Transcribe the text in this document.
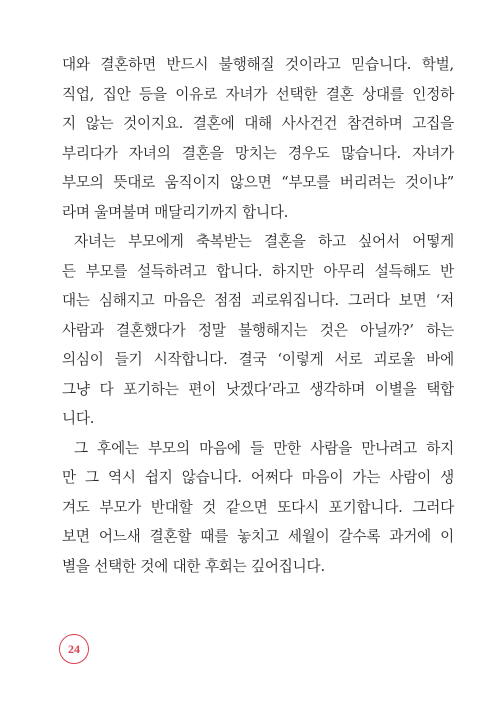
대와 결혼하면 반드시 불행해질 것이라고 믿습니다. 학벌,
직업, 집안 등을 이유로 자녀가 선택한 결혼 상대를 인정하
지 않는 것이지요. 결혼에 대해 사사건건 참견하며 고집을
부리다가 자녀의 결혼을 망치는 경우도 많습니다. 자녀가
부모의 뜻대로 움직이지 않으면 “부모를 버리려는 것이냐”
라며 울며불며 매달리기까지 합니다.
자녀는 부모에게 축복받는 결혼을 하고 싶어서 어떻게
든 부모를 설득하려고 합니다. 하지만 아무리 설득해도 반
대는 심해지고 마음은 점점 괴로워집니다. 그러다 보면 ‘저
사람과 결혼했다가 정말 불행해지는 것은 아닐까?’ 하는
의심이 들기 시작합니다. 결국 ‘이렇게 서로 괴로울 바에
그냥 다 포기하는 편이 낫겠다’라고 생각하며 이별을 택합
니다.
그 후에는 부모의 마음에 들 만한 사람을 만나려고 하지
만 그 역시 쉽지 않습니다. 어쩌다 마음이 가는 사람이 생
겨도 부모가 반대할 것 같으면 또다시 포기합니다. 그러다
보면 어느새 결혼할 때를 놓치고 세월이 갈수록 과거에 이
별을 선택한 것에 대한 후회는 깊어집니다.
24
